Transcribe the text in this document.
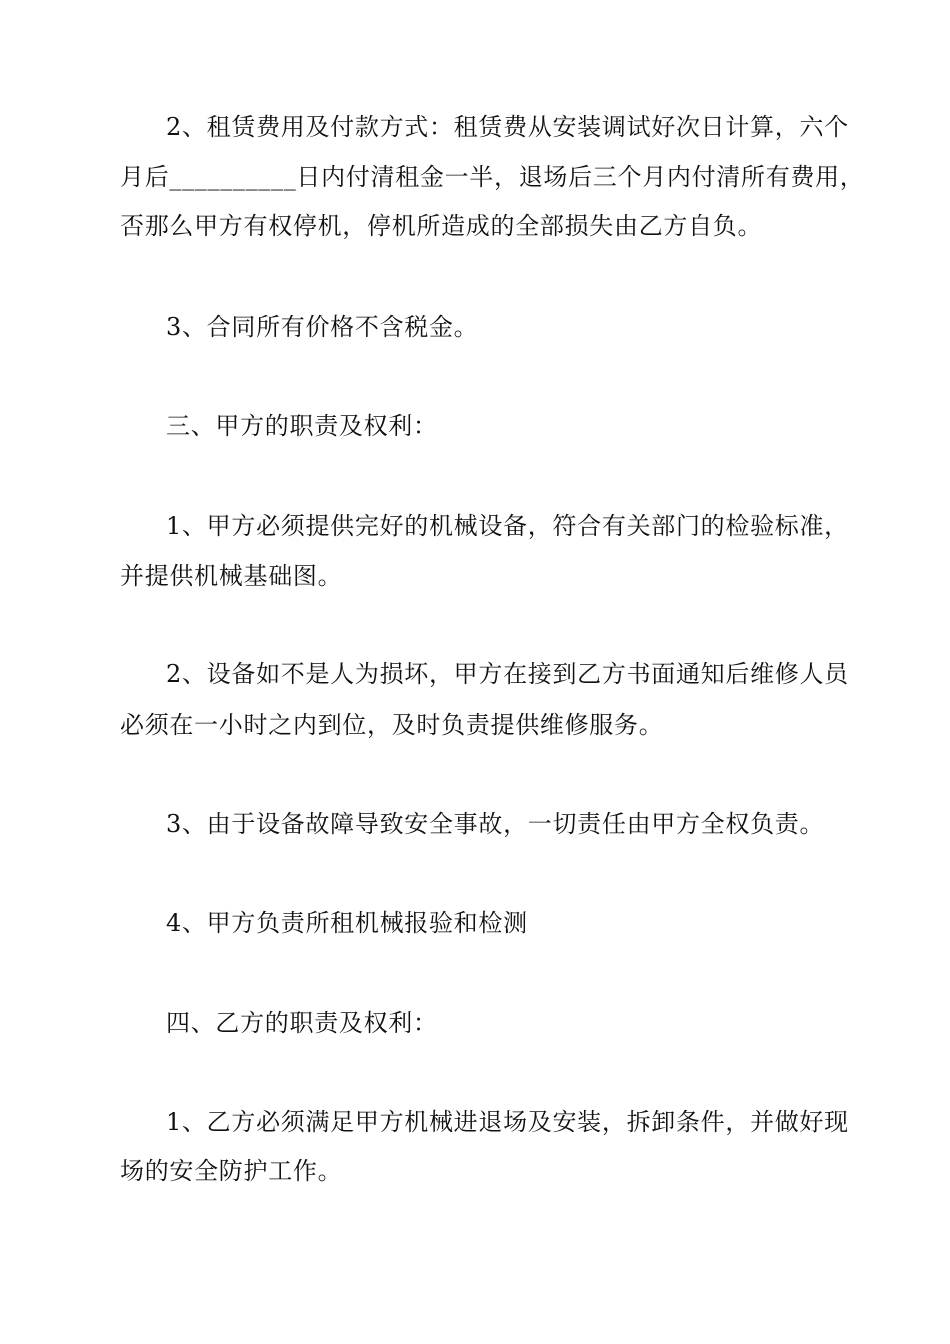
2、租赁费用及付款方式：租赁费从安装调试好次日计算，六个
月后__________日内付清租金一半，退场后三个月内付清所有费用，
否那么甲方有权停机，停机所造成的全部损失由乙方自负。
3、合同所有价格不含税金。
三、甲方的职责及权利：
1、甲方必须提供完好的机械设备，符合有关部门的检验标准，
并提供机械基础图。
2、设备如不是人为损坏，甲方在接到乙方书面通知后维修人员
必须在一小时之内到位，及时负责提供维修服务。
3、由于设备故障导致安全事故，一切责任由甲方全权负责。
4、甲方负责所租机械报验和检测
四、乙方的职责及权利：
1、乙方必须满足甲方机械进退场及安装，拆卸条件，并做好现
场的安全防护工作。
